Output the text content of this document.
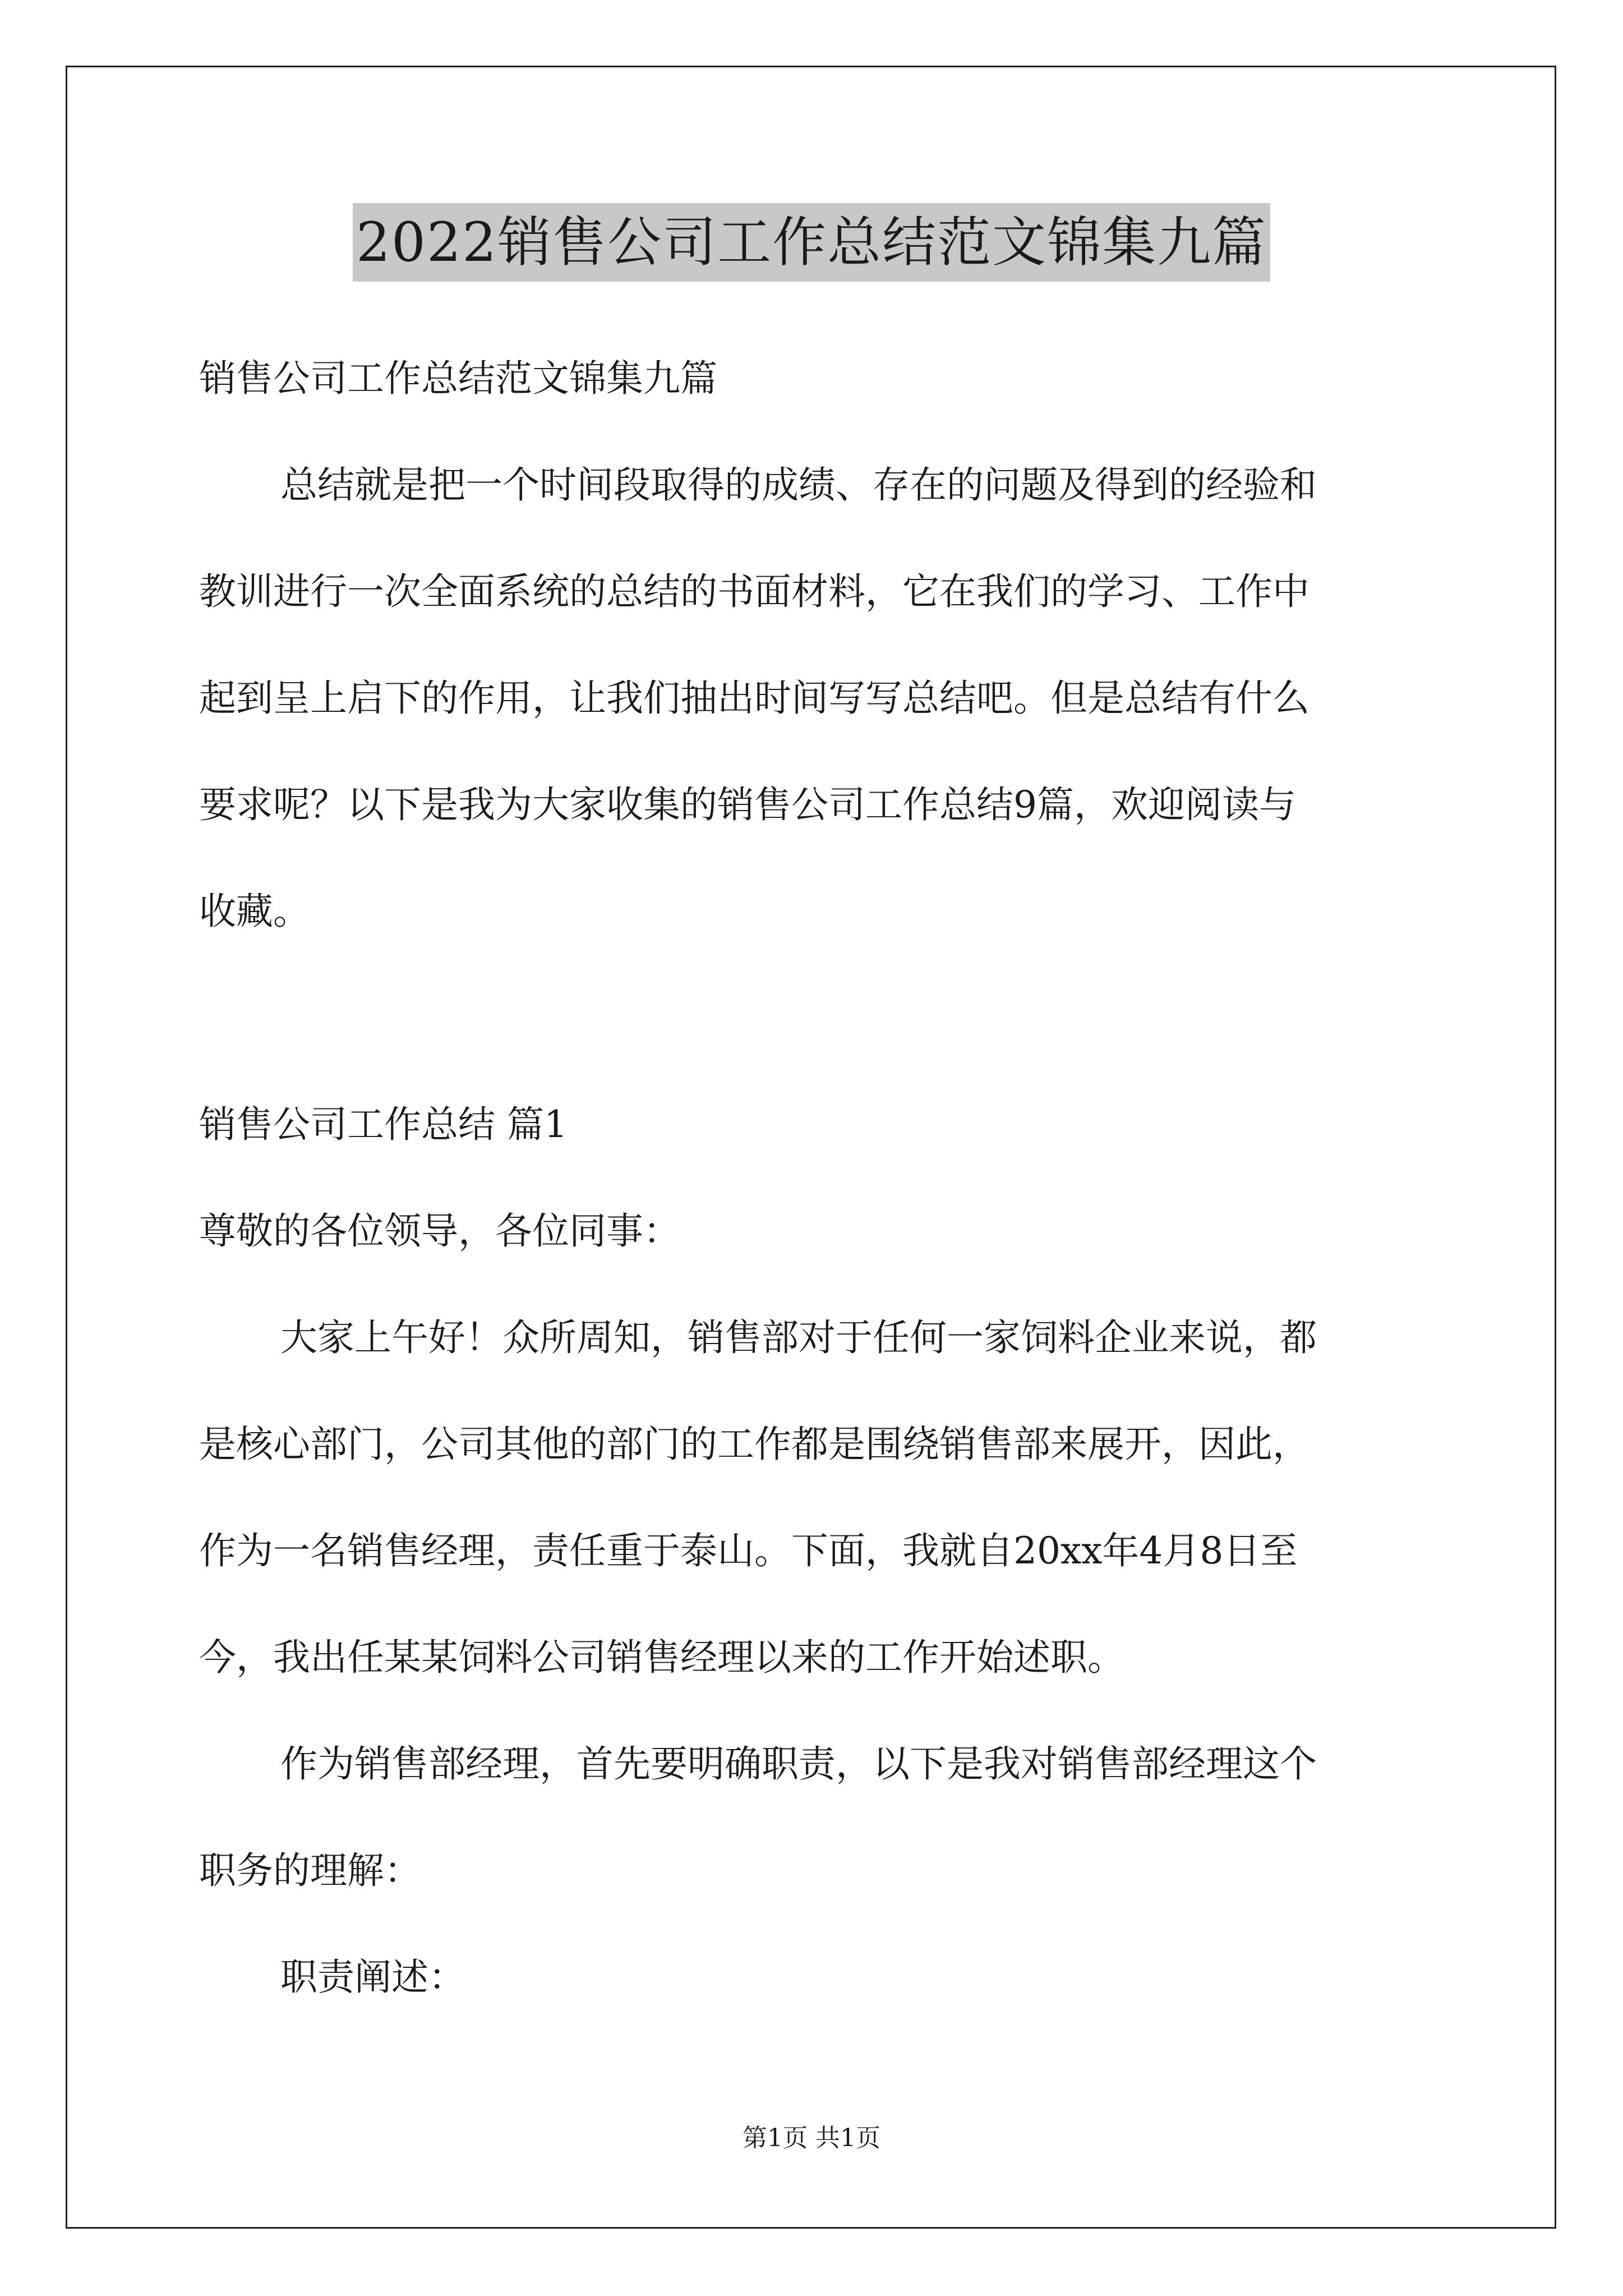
2022销售公司工作总结范文锦集九篇
销售公司工作总结范文锦集九篇
总结就是把一个时间段取得的成绩、存在的问题及得到的经验和
教训进行一次全面系统的总结的书面材料，它在我们的学习、工作中
起到呈上启下的作用，让我们抽出时间写写总结吧。但是总结有什么
要求呢？以下是我为大家收集的销售公司工作总结9篇，欢迎阅读与
收藏。
销售公司工作总结 篇1
尊敬的各位领导，各位同事：
大家上午好！众所周知，销售部对于任何一家饲料企业来说，都
是核心部门，公司其他的部门的工作都是围绕销售部来展开，因此，
作为一名销售经理，责任重于泰山。下面，我就自20xx年4月8日至
今，我出任某某饲料公司销售经理以来的工作开始述职。
作为销售部经理，首先要明确职责，以下是我对销售部经理这个
职务的理解：
职责阐述：
第1页 共1页
